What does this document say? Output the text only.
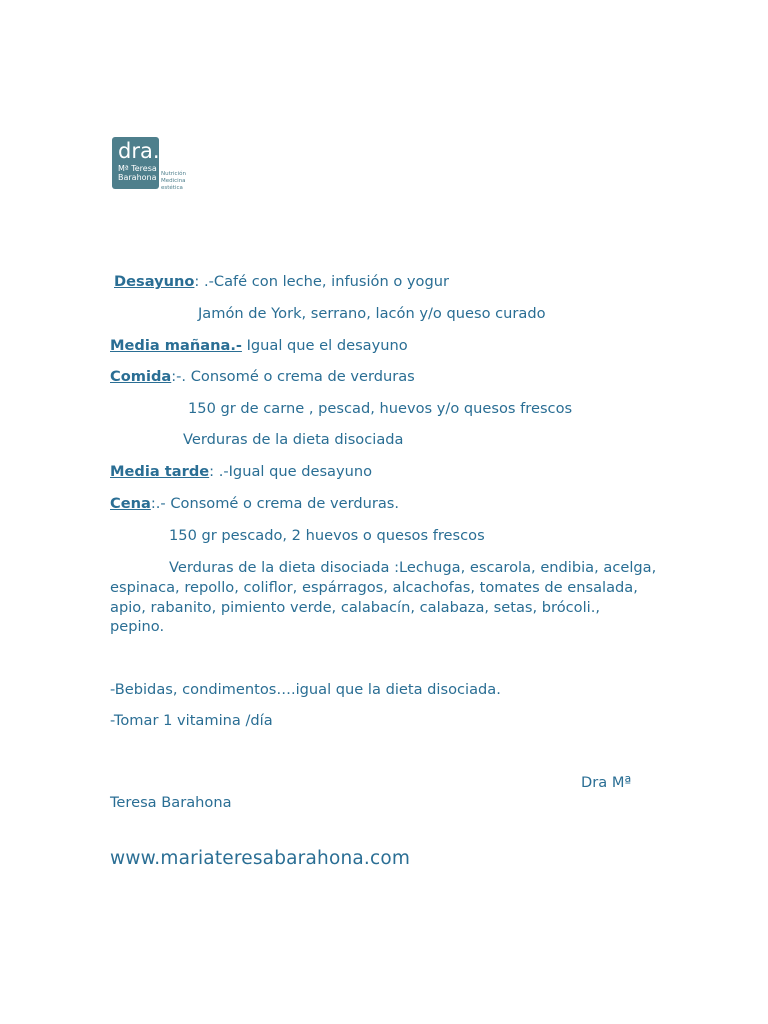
dra.
Mª Teresa
Barahona Nutrición
Medicina estética
Desayuno: .-Café con leche, infusión o yogur
Jamón de York, serrano, lacón y/o queso curado
Media mañana.- Igual que el desayuno
Comida:-. Consomé o crema de verduras
150 gr de carne , pescad, huevos y/o quesos frescos
Verduras de la dieta disociada
Media tarde: .-Igual que desayuno
Cena:.- Consomé o crema de verduras.
150 gr pescado, 2 huevos o quesos frescos
Verduras de la dieta disociada :Lechuga, escarola, endibia, acelga, espinaca, repollo, coliflor, espárragos, alcachofas, tomates de ensalada, apio, rabanito, pimiento verde, calabacín, calabaza, setas, brócoli., pepino.
-Bebidas, condimentos….igual que la dieta disociada.
-Tomar 1 vitamina /día
Dra Mª
Teresa Barahona
www.mariateresabarahona.com
